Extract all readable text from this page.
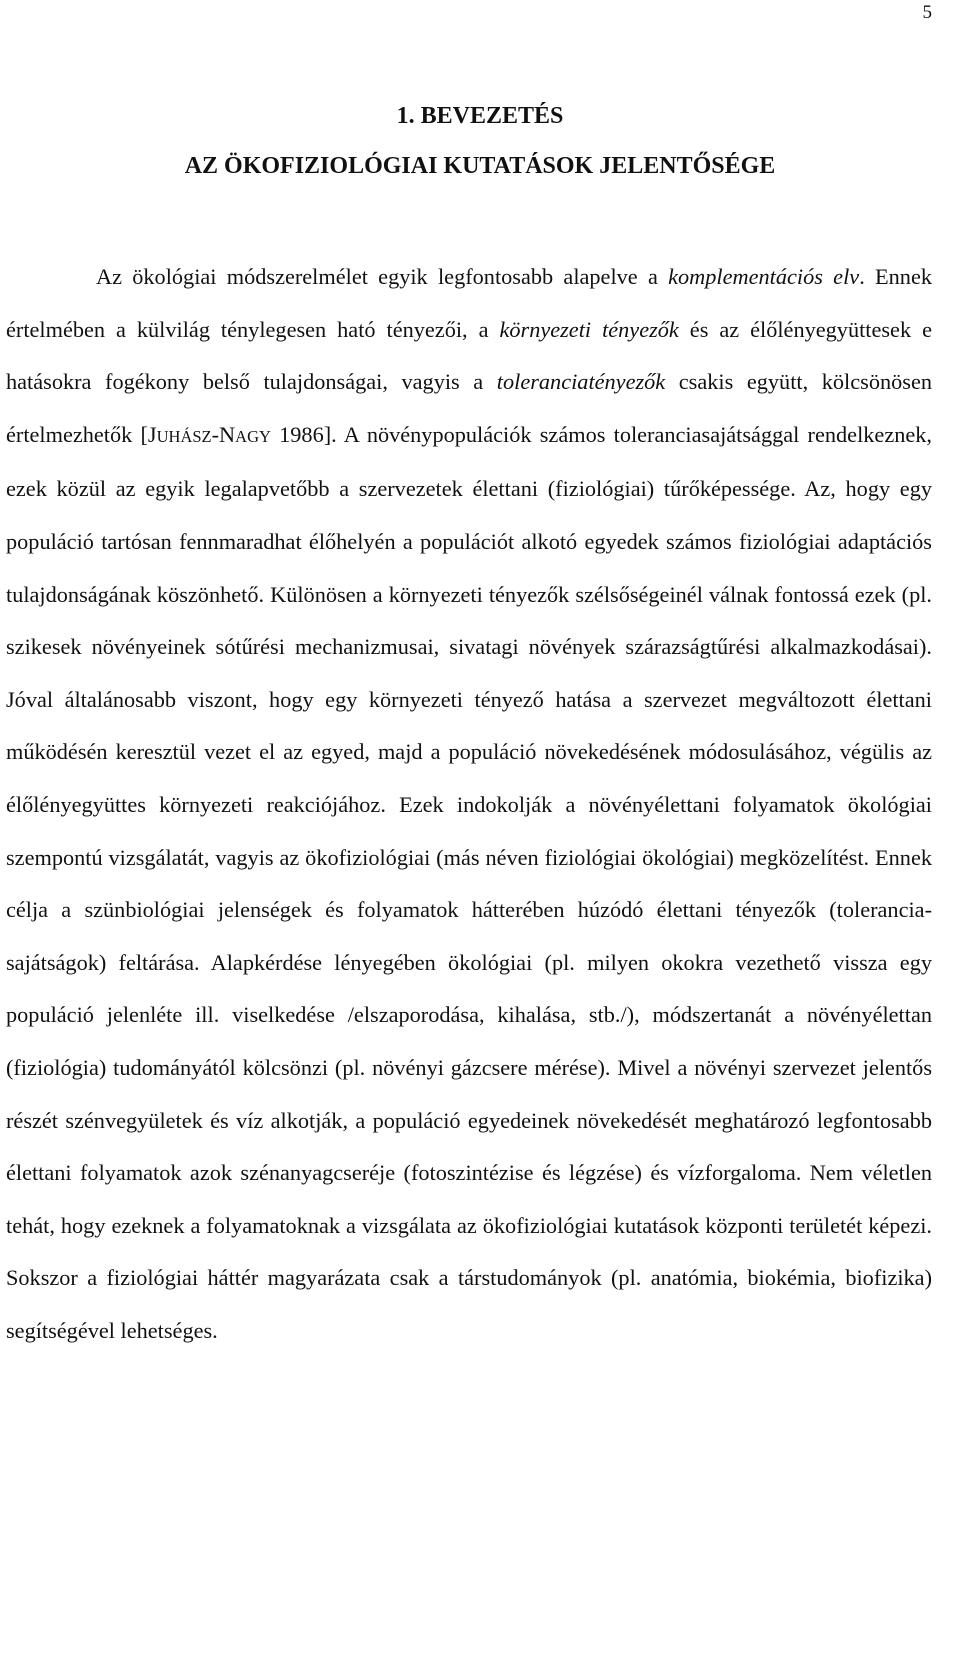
5
1. BEVEZETÉS
AZ ÖKOFIZIOLÓGIAI KUTATÁSOK JELENTŐSÉGE

Az ökológiai módszerelmélet egyik legfontosabb alapelve a komplementációs elv. Ennek értelmében a külvilág ténylegesen ható tényezői, a környezeti tényezők és az élőlényegyüttesek e hatásokra fogékony belső tulajdonságai, vagyis a toleranciatényezők csakis együtt, kölcsönösen értelmezhetők [JUHÁSZ-NAGY 1986]. A növénypopulációk számos toleranciasajátsággal rendelkeznek, ezek közül az egyik legalapvetőbb a szervezetek élettani (fiziológiai) tűrőképessége. Az, hogy egy populáció tartósan fennmaradhat élőhelyén a populációt alkotó egyedek számos fiziológiai adaptációs tulajdonságának köszönhető. Különösen a környezeti tényezők szélsőségeinél válnak fontossá ezek (pl. szikesek növényeinek sótűrési mechanizmusai, sivatagi növények szárazságtűrési alkalmazkodásai). Jóval általánosabb viszont, hogy egy környezeti tényező hatása a szervezet megváltozott élettani működésén keresztül vezet el az egyed, majd a populáció növekedésének módosulásához, végülis az élőlényegyüttes környezeti reakciójához. Ezek indokolják a növényélettani folyamatok ökológiai szempontú vizsgálatát, vagyis az ökofiziológiai (más néven fiziológiai ökológiai) megközelítést. Ennek célja a szünbiológiai jelenségek és folyamatok hátterében húzódó élettani tényezők (tolerancia-sajátságok) feltárása. Alapkérdése lényegében ökológiai (pl. milyen okokra vezethető vissza egy populáció jelenléte ill. viselkedése /elszaporodása, kihalása, stb./), módszertanát a növényélettan (fiziológia) tudományától kölcsönzi (pl. növényi gázcsere mérése). Mivel a növényi szervezet jelentős részét szénvegyületek és víz alkotják, a populáció egyedeinek növekedését meghatározó legfontosabb élettani folyamatok azok szénanyagcseréje (fotoszintézise és légzése) és vízforgaloma. Nem véletlen tehát, hogy ezeknek a folyamatoknak a vizsgálata az ökofiziológiai kutatások központi területét képezi. Sokszor a fiziológiai háttér magyarázata csak a társtudományok (pl. anatómia, biokémia, biofizika) segítségével lehetséges.
